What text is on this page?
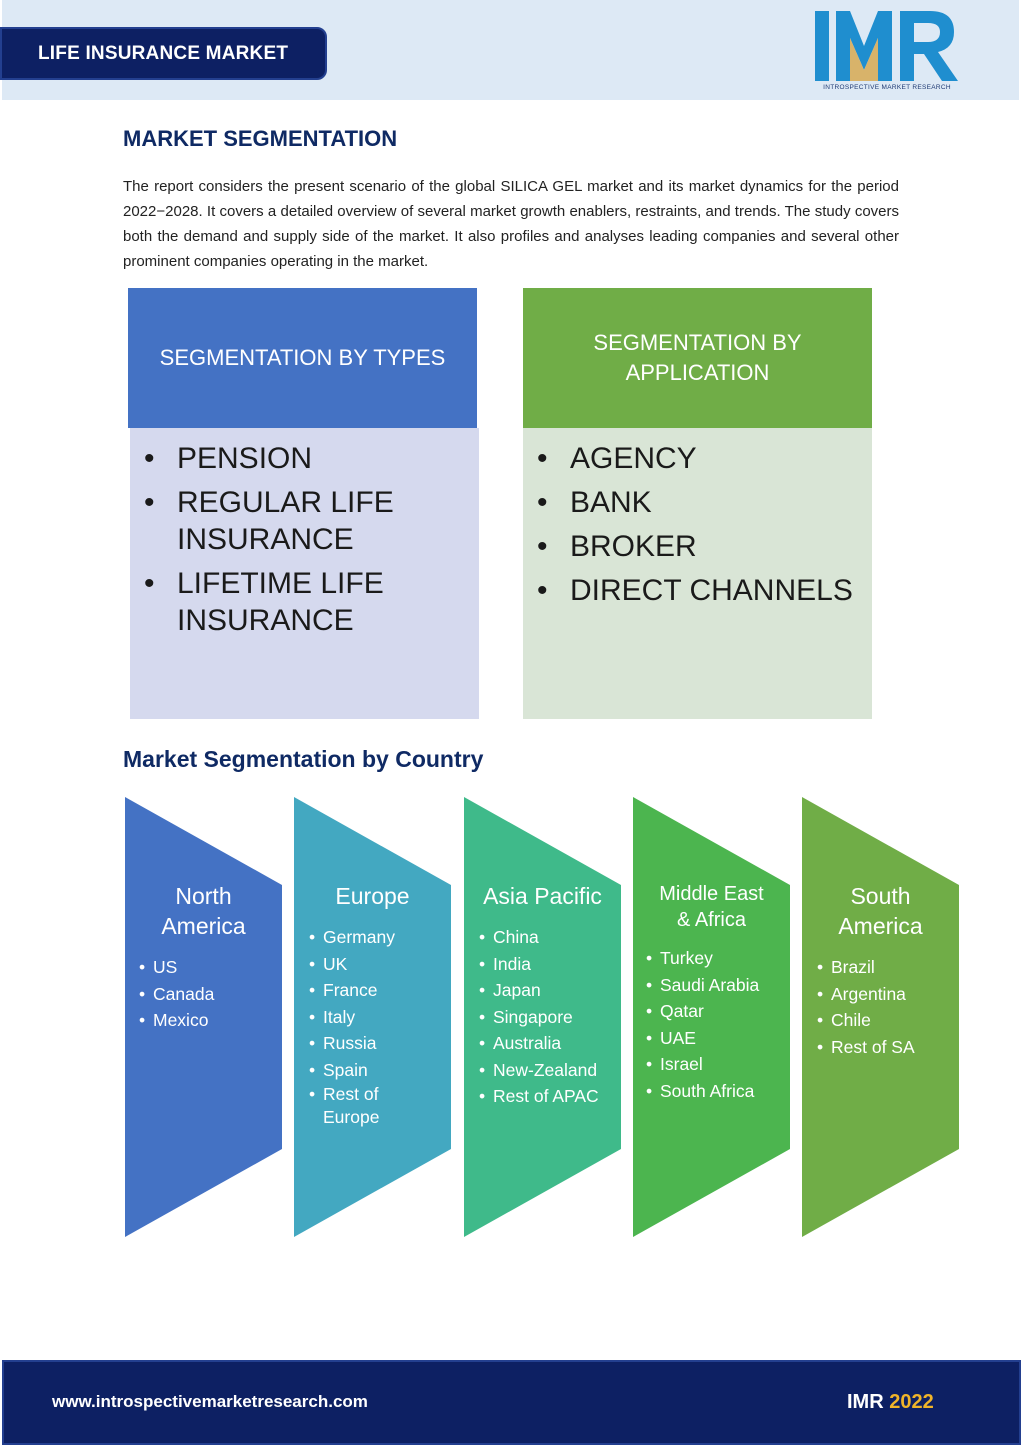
LIFE INSURANCE MARKET
INTROSPECTIVE MARKET RESEARCH
MARKET SEGMENTATION
The report considers the present scenario of the global SILICA GEL market and its market dynamics for the period 2022−2028. It covers a detailed overview of several market growth enablers, restraints, and trends. The study covers both the demand and supply side of the market. It also profiles and analyses leading companies and several other prominent companies operating in the market.
SEGMENTATION BY TYPES
• PENSION
• REGULAR LIFE INSURANCE
• LIFETIME LIFE INSURANCE
SEGMENTATION BY APPLICATION
• AGENCY
• BANK
• BROKER
• DIRECT CHANNELS
Market Segmentation by Country
North America
• US
• Canada
• Mexico
Europe
• Germany
• UK
• France
• Italy
• Russia
• Spain
• Rest of Europe
Asia Pacific
• China
• India
• Japan
• Singapore
• Australia
• New-Zealand
• Rest of APAC
Middle East & Africa
• Turkey
• Saudi Arabia
• Qatar
• UAE
• Israel
• South Africa
South America
• Brazil
• Argentina
• Chile
• Rest of SA
www.introspectivemarketresearch.com	IMR 2022
